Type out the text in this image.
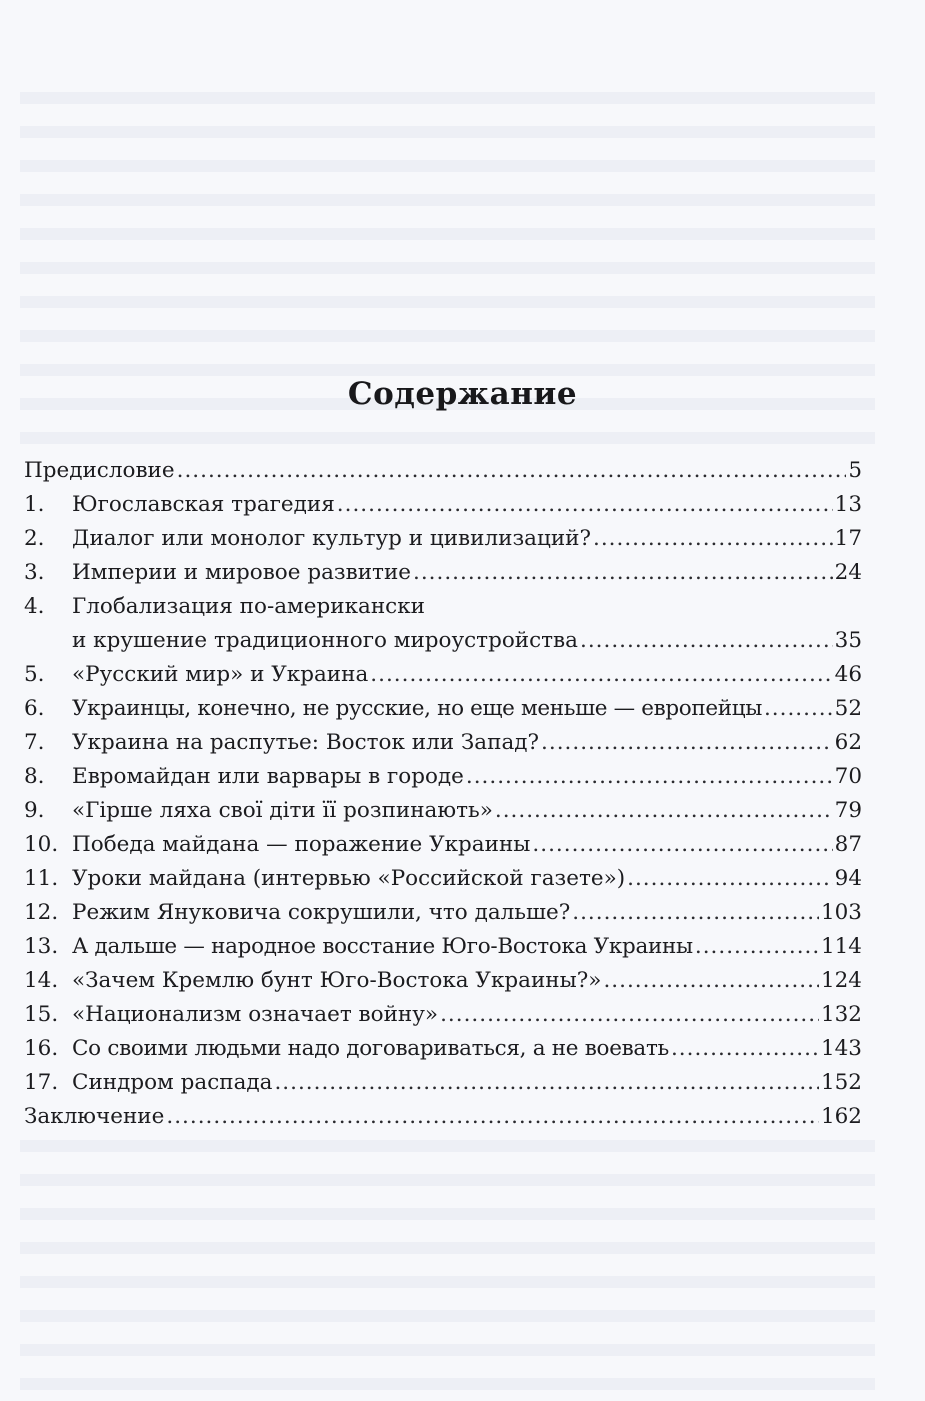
Содержание
Предисловие .....	5
1.	Югославская трагедия .....	13
2.	Диалог или монолог культур и цивилизаций? .....	17
3.	Империи и мировое развитие .....	24
4.	Глобализация по-американски
и крушение традиционного мироустройства .....	35
5.	«Русский мир» и Украина .....	46
6.	Украинцы, конечно, не русские, но еще меньше — европейцы .....	52
7.	Украина на распутье: Восток или Запад? .....	62
8.	Евромайдан или варвары в городе .....	70
9.	«Гірше ляха свої діти її розпинають» .....	79
10. Победа майдана — поражение Украины .....	87
11. Уроки майдана (интервью «Российской газете») .....	94
12. Режим Януковича сокрушили, что дальше? .....	103
13. А дальше — народное восстание Юго-Востока Украины .....	114
14. «Зачем Кремлю бунт Юго-Востока Украины?» .....	124
15. «Национализм означает войну» .....	132
16. Со своими людьми надо договариваться, а не воевать .....	143
17. Синдром распада .....	152
Заключение .....	162
